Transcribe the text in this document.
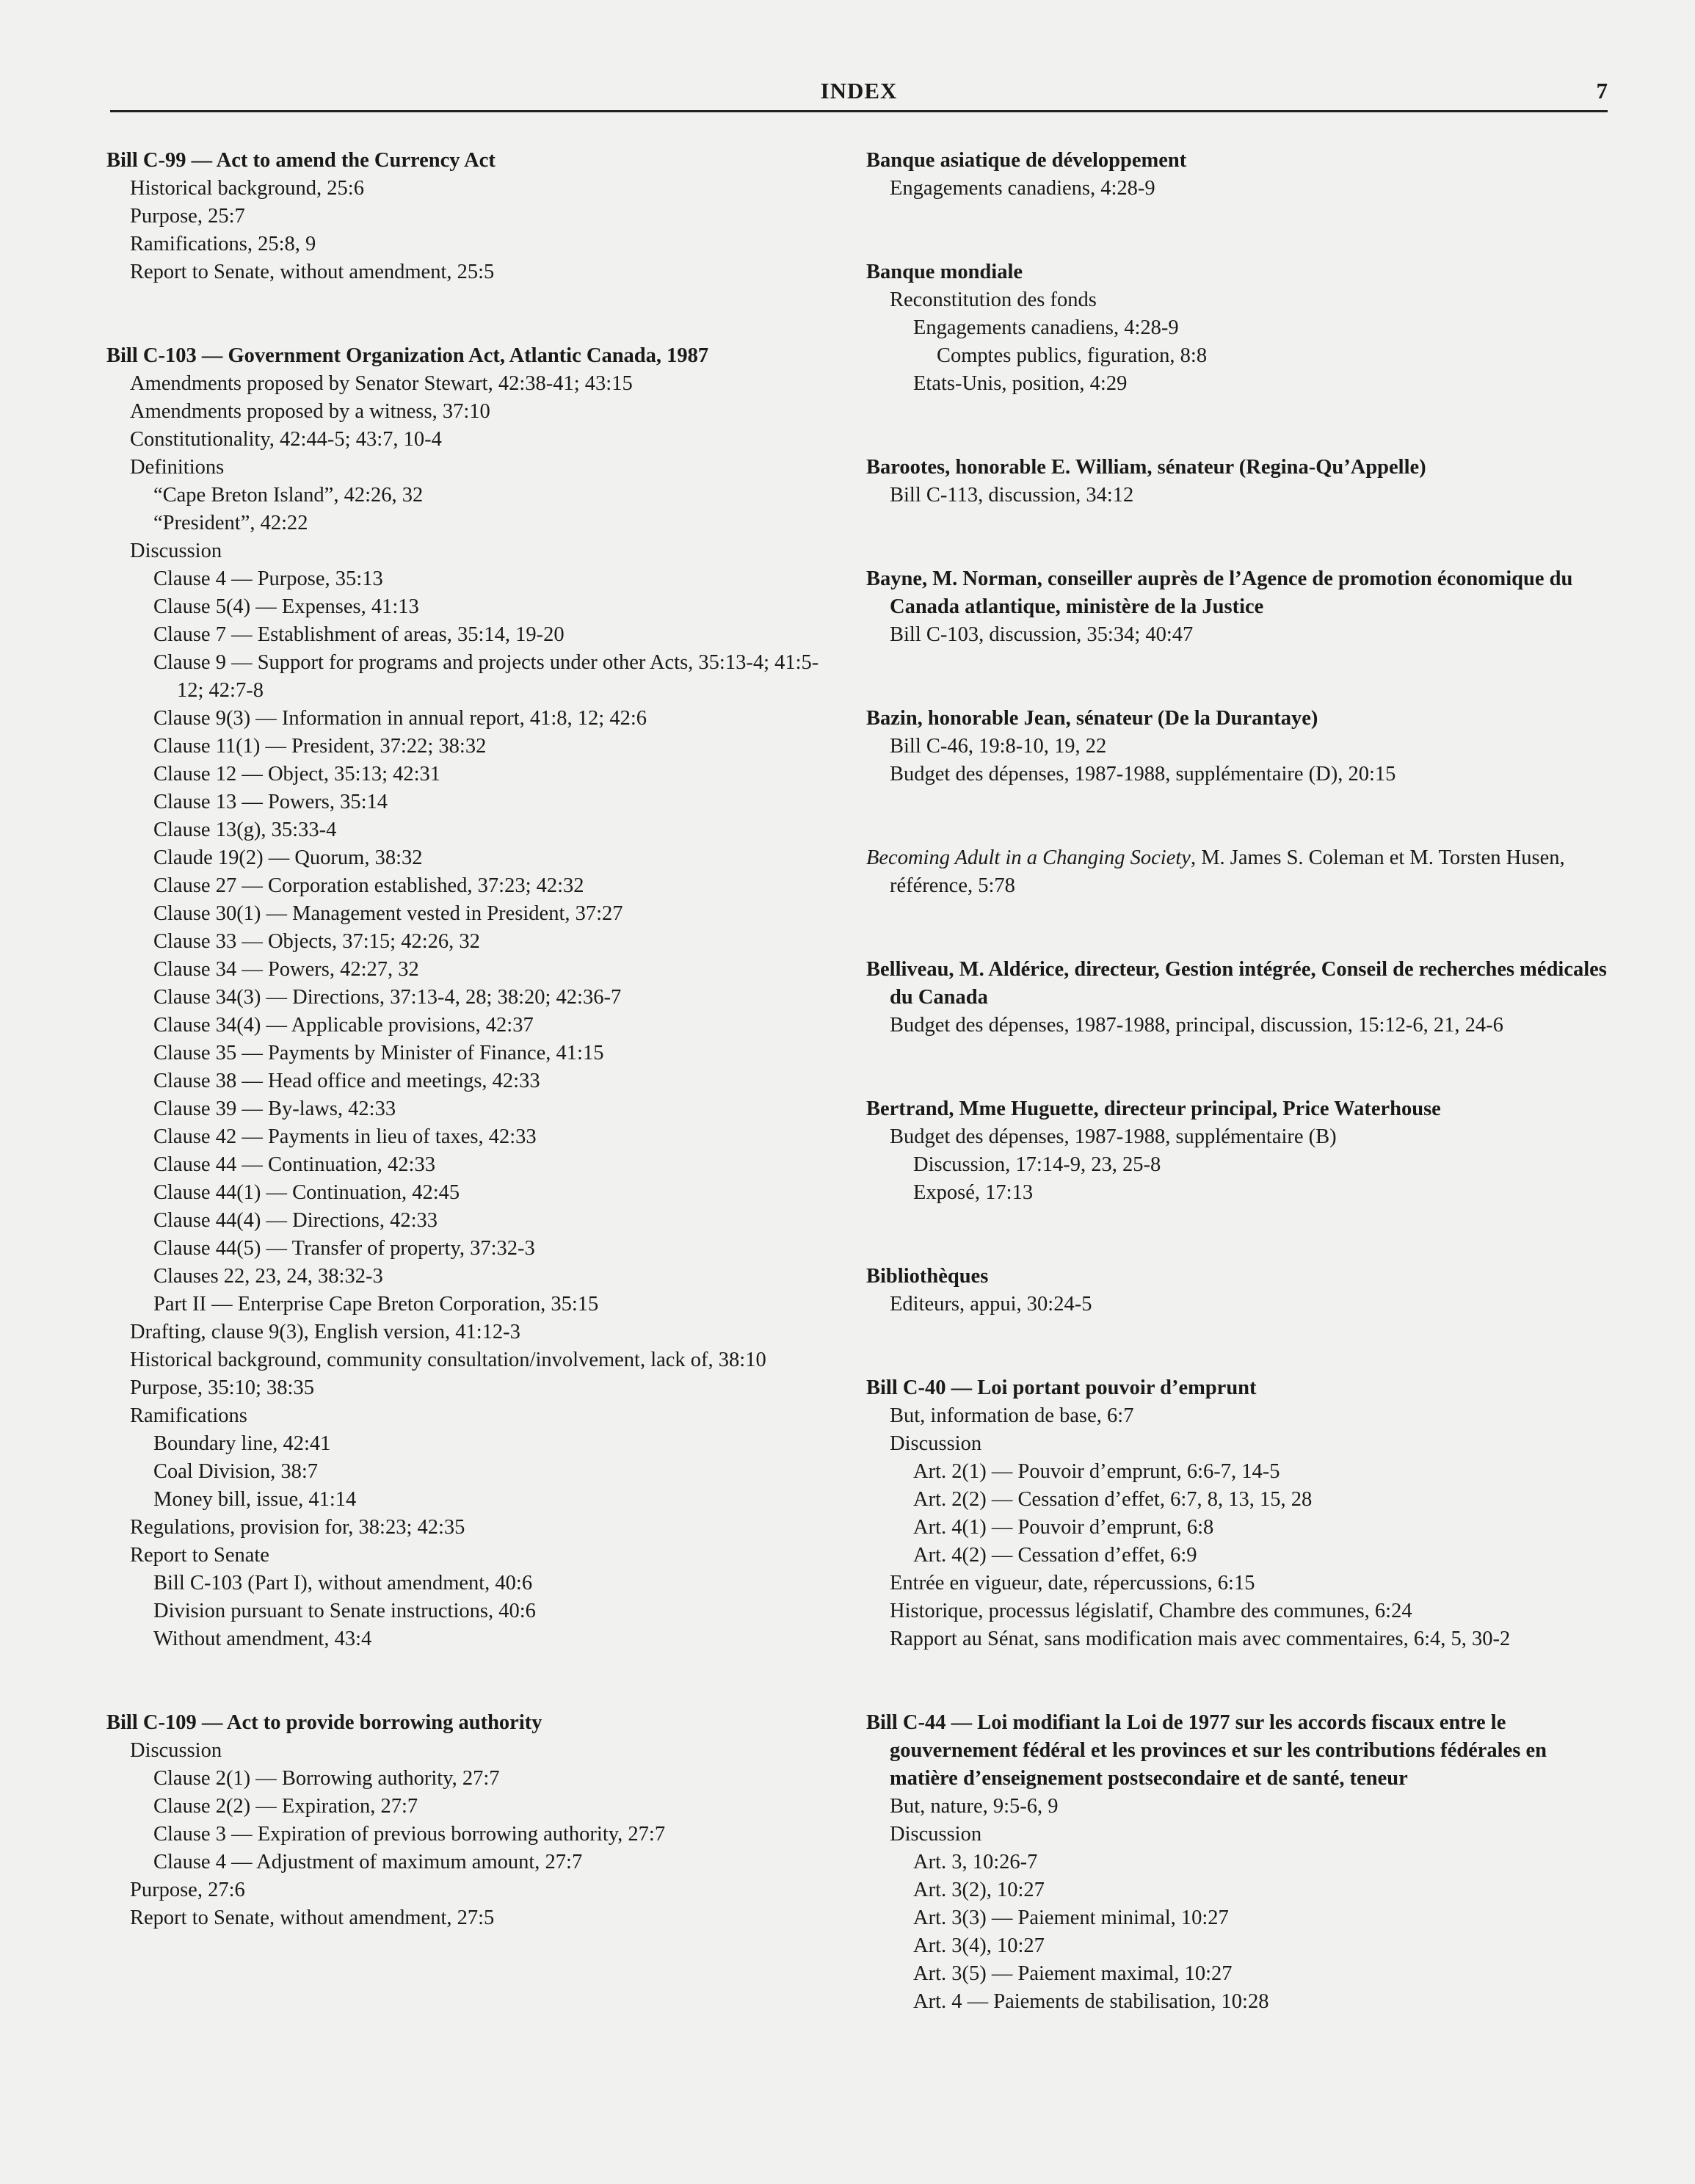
INDEX	7
Bill C-99 — Act to amend the Currency Act
Historical background, 25:6
Purpose, 25:7
Ramifications, 25:8, 9
Report to Senate, without amendment, 25:5
Bill C-103 — Government Organization Act, Atlantic Canada, 1987
Amendments proposed by Senator Stewart, 42:38-41; 43:15
Amendments proposed by a witness, 37:10
Constitutionality, 42:44-5; 43:7, 10-4
Definitions
“Cape Breton Island”, 42:26, 32
“President”, 42:22
Discussion
Clause 4 — Purpose, 35:13
Clause 5(4) — Expenses, 41:13
Clause 7 — Establishment of areas, 35:14, 19-20
Clause 9 — Support for programs and projects under other Acts, 35:13-4; 41:5-12; 42:7-8
Clause 9(3) — Information in annual report, 41:8, 12; 42:6
Clause 11(1) — President, 37:22; 38:32
Clause 12 — Object, 35:13; 42:31
Clause 13 — Powers, 35:14
Clause 13(g), 35:33-4
Claude 19(2) — Quorum, 38:32
Clause 27 — Corporation established, 37:23; 42:32
Clause 30(1) — Management vested in President, 37:27
Clause 33 — Objects, 37:15; 42:26, 32
Clause 34 — Powers, 42:27, 32
Clause 34(3) — Directions, 37:13-4, 28; 38:20; 42:36-7
Clause 34(4) — Applicable provisions, 42:37
Clause 35 — Payments by Minister of Finance, 41:15
Clause 38 — Head office and meetings, 42:33
Clause 39 — By-laws, 42:33
Clause 42 — Payments in lieu of taxes, 42:33
Clause 44 — Continuation, 42:33
Clause 44(1) — Continuation, 42:45
Clause 44(4) — Directions, 42:33
Clause 44(5) — Transfer of property, 37:32-3
Clauses 22, 23, 24, 38:32-3
Part II — Enterprise Cape Breton Corporation, 35:15
Drafting, clause 9(3), English version, 41:12-3
Historical background, community consultation/involvement, lack of, 38:10
Purpose, 35:10; 38:35
Ramifications
Boundary line, 42:41
Coal Division, 38:7
Money bill, issue, 41:14
Regulations, provision for, 38:23; 42:35
Report to Senate
Bill C-103 (Part I), without amendment, 40:6
Division pursuant to Senate instructions, 40:6
Without amendment, 43:4
Bill C-109 — Act to provide borrowing authority
Discussion
Clause 2(1) — Borrowing authority, 27:7
Clause 2(2) — Expiration, 27:7
Clause 3 — Expiration of previous borrowing authority, 27:7
Clause 4 — Adjustment of maximum amount, 27:7
Purpose, 27:6
Report to Senate, without amendment, 27:5
Banque asiatique de développement
Engagements canadiens, 4:28-9
Banque mondiale
Reconstitution des fonds
Engagements canadiens, 4:28-9
Comptes publics, figuration, 8:8
Etats-Unis, position, 4:29
Barootes, honorable E. William, sénateur (Regina-Qu’Appelle)
Bill C-113, discussion, 34:12
Bayne, M. Norman, conseiller auprès de l’Agence de promotion économique du Canada atlantique, ministère de la Justice
Bill C-103, discussion, 35:34; 40:47
Bazin, honorable Jean, sénateur (De la Durantaye)
Bill C-46, 19:8-10, 19, 22
Budget des dépenses, 1987-1988, supplémentaire (D), 20:15
Becoming Adult in a Changing Society, M. James S. Coleman et M. Torsten Husen, référence, 5:78
Belliveau, M. Aldérice, directeur, Gestion intégrée, Conseil de recherches médicales du Canada
Budget des dépenses, 1987-1988, principal, discussion, 15:12-6, 21, 24-6
Bertrand, Mme Huguette, directeur principal, Price Waterhouse
Budget des dépenses, 1987-1988, supplémentaire (B)
Discussion, 17:14-9, 23, 25-8
Exposé, 17:13
Bibliothèques
Editeurs, appui, 30:24-5
Bill C-40 — Loi portant pouvoir d’emprunt
But, information de base, 6:7
Discussion
Art. 2(1) — Pouvoir d’emprunt, 6:6-7, 14-5
Art. 2(2) — Cessation d’effet, 6:7, 8, 13, 15, 28
Art. 4(1) — Pouvoir d’emprunt, 6:8
Art. 4(2) — Cessation d’effet, 6:9
Entrée en vigueur, date, répercussions, 6:15
Historique, processus législatif, Chambre des communes, 6:24
Rapport au Sénat, sans modification mais avec commentaires, 6:4, 5, 30-2
Bill C-44 — Loi modifiant la Loi de 1977 sur les accords fiscaux entre le gouvernement fédéral et les provinces et sur les contributions fédérales en matière d’enseignement postsecondaire et de santé, teneur
But, nature, 9:5-6, 9
Discussion
Art. 3, 10:26-7
Art. 3(2), 10:27
Art. 3(3) — Paiement minimal, 10:27
Art. 3(4), 10:27
Art. 3(5) — Paiement maximal, 10:27
Art. 4 — Paiements de stabilisation, 10:28
